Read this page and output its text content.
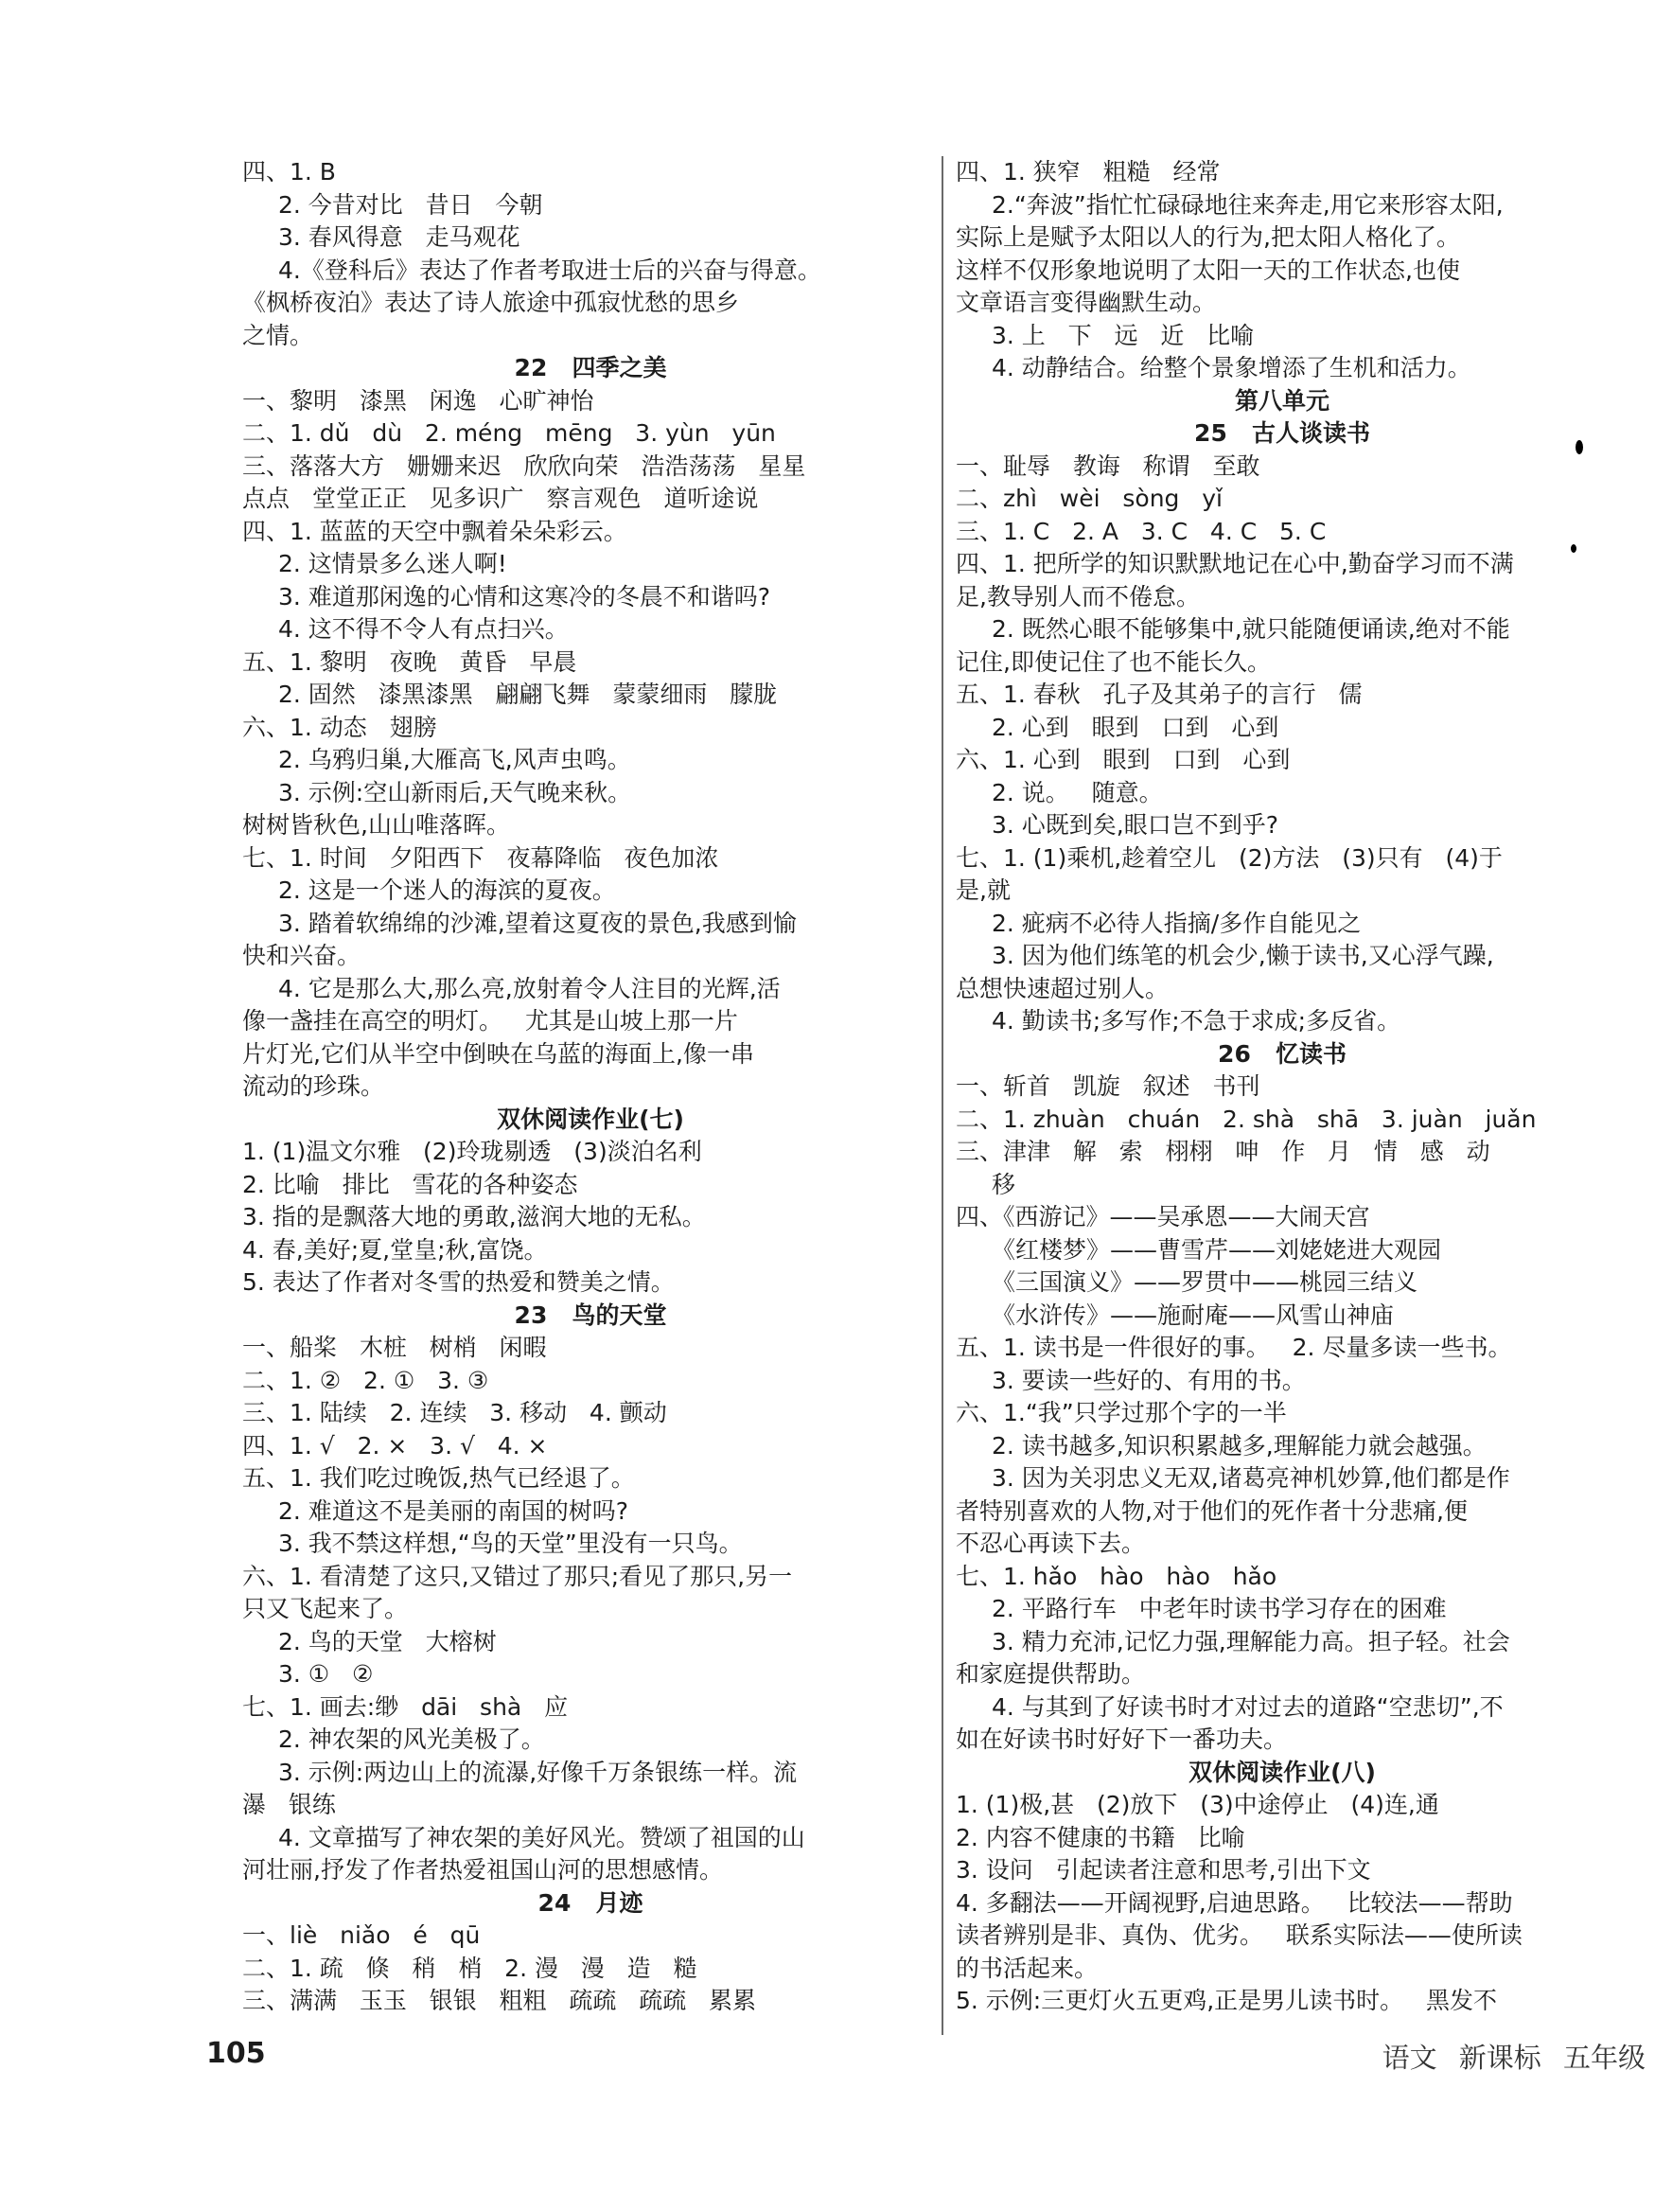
四、1. B
2. 今昔对比   昔日   今朝
3. 春风得意   走马观花
4.《登科后》表达了作者考取进士后的兴奋与得意。
《枫桥夜泊》表达了诗人旅途中孤寂忧愁的思乡
之情。
22   四季之美
一、黎明   漆黑   闲逸   心旷神怡
二、1. dǔ   dù   2. méng   mēng   3. yùn   yūn
三、落落大方   姗姗来迟   欣欣向荣   浩浩荡荡   星星
点点   堂堂正正   见多识广   察言观色   道听途说
四、1. 蓝蓝的天空中飘着朵朵彩云。
2. 这情景多么迷人啊!
3. 难道那闲逸的心情和这寒冷的冬晨不和谐吗?
4. 这不得不令人有点扫兴。
五、1. 黎明   夜晚   黄昏   早晨
2. 固然   漆黑漆黑   翩翩飞舞   蒙蒙细雨   朦胧
六、1. 动态   翅膀
2. 乌鸦归巢,大雁高飞,风声虫鸣。
3. 示例:空山新雨后,天气晚来秋。
树树皆秋色,山山唯落晖。
七、1. 时间   夕阳西下   夜幕降临   夜色加浓
2. 这是一个迷人的海滨的夏夜。
3. 踏着软绵绵的沙滩,望着这夏夜的景色,我感到愉
快和兴奋。
4. 它是那么大,那么亮,放射着令人注目的光辉,活
像一盏挂在高空的明灯。   尤其是山坡上那一片
片灯光,它们从半空中倒映在乌蓝的海面上,像一串
流动的珍珠。
双休阅读作业(七)
1. (1)温文尔雅   (2)玲珑剔透   (3)淡泊名利
2. 比喻   排比   雪花的各种姿态
3. 指的是飘落大地的勇敢,滋润大地的无私。
4. 春,美好;夏,堂皇;秋,富饶。
5. 表达了作者对冬雪的热爱和赞美之情。
23   鸟的天堂
一、船桨   木桩   树梢   闲暇
二、1. ②   2. ①   3. ③
三、1. 陆续   2. 连续   3. 移动   4. 颤动
四、1. √   2. ×   3. √   4. ×
五、1. 我们吃过晚饭,热气已经退了。
2. 难道这不是美丽的南国的树吗?
3. 我不禁这样想,“鸟的天堂”里没有一只鸟。
六、1. 看清楚了这只,又错过了那只;看见了那只,另一
只又飞起来了。
2. 鸟的天堂   大榕树
3. ①   ②
七、1. 画去:缈   dāi   shà   应
2. 神农架的风光美极了。
3. 示例:两边山上的流瀑,好像千万条银练一样。流
瀑   银练
4. 文章描写了神农架的美好风光。赞颂了祖国的山
河壮丽,抒发了作者热爱祖国山河的思想感情。
24   月迹
一、liè   niǎo   é   qū
二、1. 疏   倏   稍   梢   2. 漫   漫   造   糙
三、满满   玉玉   银银   粗粗   疏疏   疏疏   累累
四、1. 狭窄   粗糙   经常
2.“奔波”指忙忙碌碌地往来奔走,用它来形容太阳,
实际上是赋予太阳以人的行为,把太阳人格化了。
这样不仅形象地说明了太阳一天的工作状态,也使
文章语言变得幽默生动。
3. 上   下   远   近   比喻
4. 动静结合。给整个景象增添了生机和活力。
第八单元
25   古人谈读书
一、耻辱   教诲   称谓   至敢
二、zhì   wèi   sòng   yǐ
三、1. C   2. A   3. C   4. C   5. C
四、1. 把所学的知识默默地记在心中,勤奋学习而不满
足,教导别人而不倦怠。
2. 既然心眼不能够集中,就只能随便诵读,绝对不能
记住,即使记住了也不能长久。
五、1. 春秋   孔子及其弟子的言行   儒
2. 心到   眼到   口到   心到
六、1. 心到   眼到   口到   心到
2. 说。   随意。
3. 心既到矣,眼口岂不到乎?
七、1. (1)乘机,趁着空儿   (2)方法   (3)只有   (4)于
是,就
2. 疵病不必待人指摘/多作自能见之
3. 因为他们练笔的机会少,懒于读书,又心浮气躁,
总想快速超过别人。
4. 勤读书;多写作;不急于求成;多反省。
26   忆读书
一、斩首   凯旋   叙述   书刊
二、1. zhuàn   chuán   2. shà   shā   3. juàn   juǎn
三、津津   解   索   栩栩   呻   作   月   情   感   动
移
四、《西游记》——吴承恩——大闹天宫
《红楼梦》——曹雪芹——刘姥姥进大观园
《三国演义》——罗贯中——桃园三结义
《水浒传》——施耐庵——风雪山神庙
五、1. 读书是一件很好的事。   2. 尽量多读一些书。
3. 要读一些好的、有用的书。
六、1.“我”只学过那个字的一半
2. 读书越多,知识积累越多,理解能力就会越强。
3. 因为关羽忠义无双,诸葛亮神机妙算,他们都是作
者特别喜欢的人物,对于他们的死作者十分悲痛,便
不忍心再读下去。
七、1. hǎo   hào   hào   hǎo
2. 平路行车   中老年时读书学习存在的困难
3. 精力充沛,记忆力强,理解能力高。担子轻。社会
和家庭提供帮助。
4. 与其到了好读书时才对过去的道路“空悲切”,不
如在好读书时好好下一番功夫。
双休阅读作业(八)
1. (1)极,甚   (2)放下   (3)中途停止   (4)连,通
2. 内容不健康的书籍   比喻
3. 设问   引起读者注意和思考,引出下文
4. 多翻法——开阔视野,启迪思路。   比较法——帮助
读者辨别是非、真伪、优劣。   联系实际法——使所读
的书活起来。
5. 示例:三更灯火五更鸡,正是男儿读书时。   黑发不
105	语文 新课标 五年级
